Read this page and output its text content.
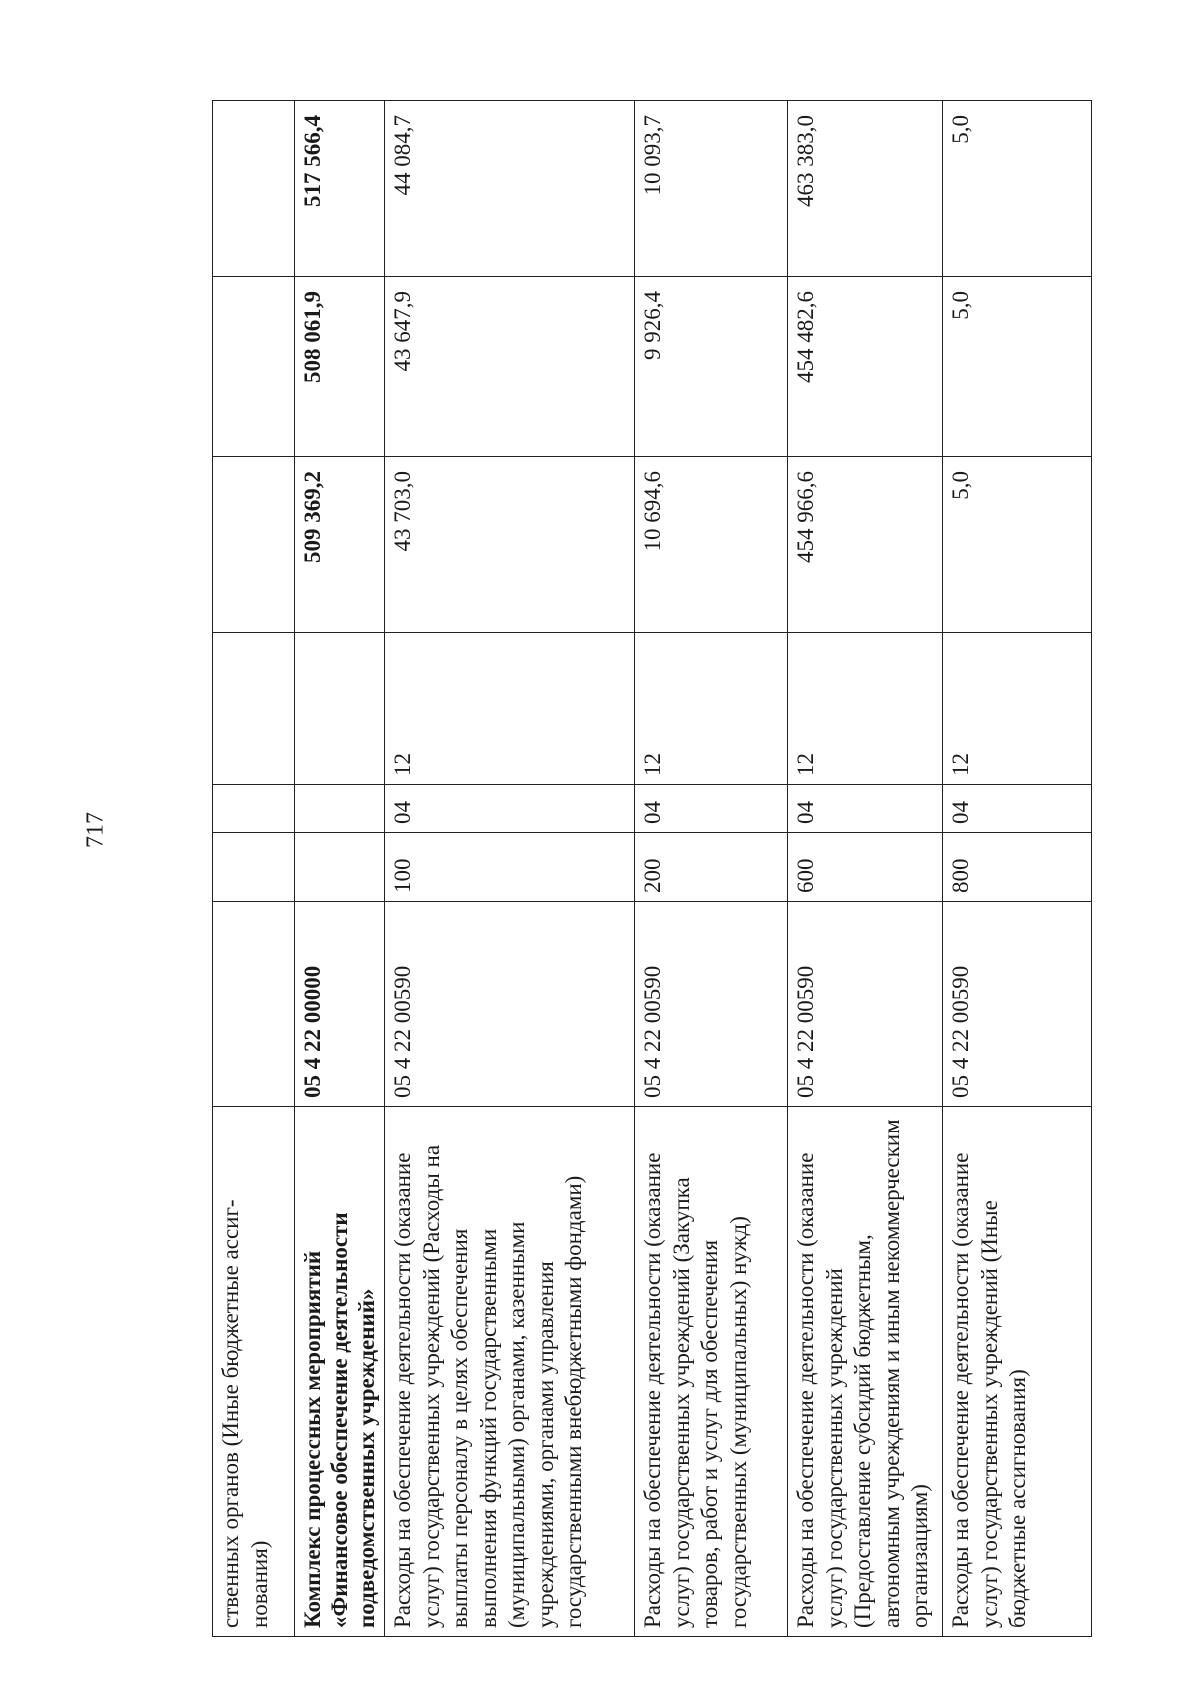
717
ственных органов (Иные бюджетные ассиг-нования)							
Комплекс процессных мероприятий «Финансовое обеспечение деятельности подведомственных учреждений»	05 4 22 00000				509 369,2	508 061,9	517 566,4
Расходы на обеспечение деятельности (оказание услуг) государственных учреждений (Расходы на выплаты персоналу в целях обеспечения выполнения функций государственными (муниципальными) органами, казенными учреждениями, органами управления государственными внебюджетными фондами)	05 4 22 00590	100	04	12	43 703,0	43 647,9	44 084,7
Расходы на обеспечение деятельности (оказание услуг) государственных учреждений (Закупка товаров, работ и услуг для обеспечения государственных (муниципальных) нужд)	05 4 22 00590	200	04	12	10 694,6	9 926,4	10 093,7
Расходы на обеспечение деятельности (оказание услуг) государственных учреждений (Предоставление субсидий бюджетным, автономным учреждениям и иным некоммерческим организациям)	05 4 22 00590	600	04	12	454 966,6	454 482,6	463 383,0
Расходы на обеспечение деятельности (оказание услуг) государственных учреждений (Иные бюджетные ассигнования)	05 4 22 00590	800	04	12	5,0	5,0	5,0
